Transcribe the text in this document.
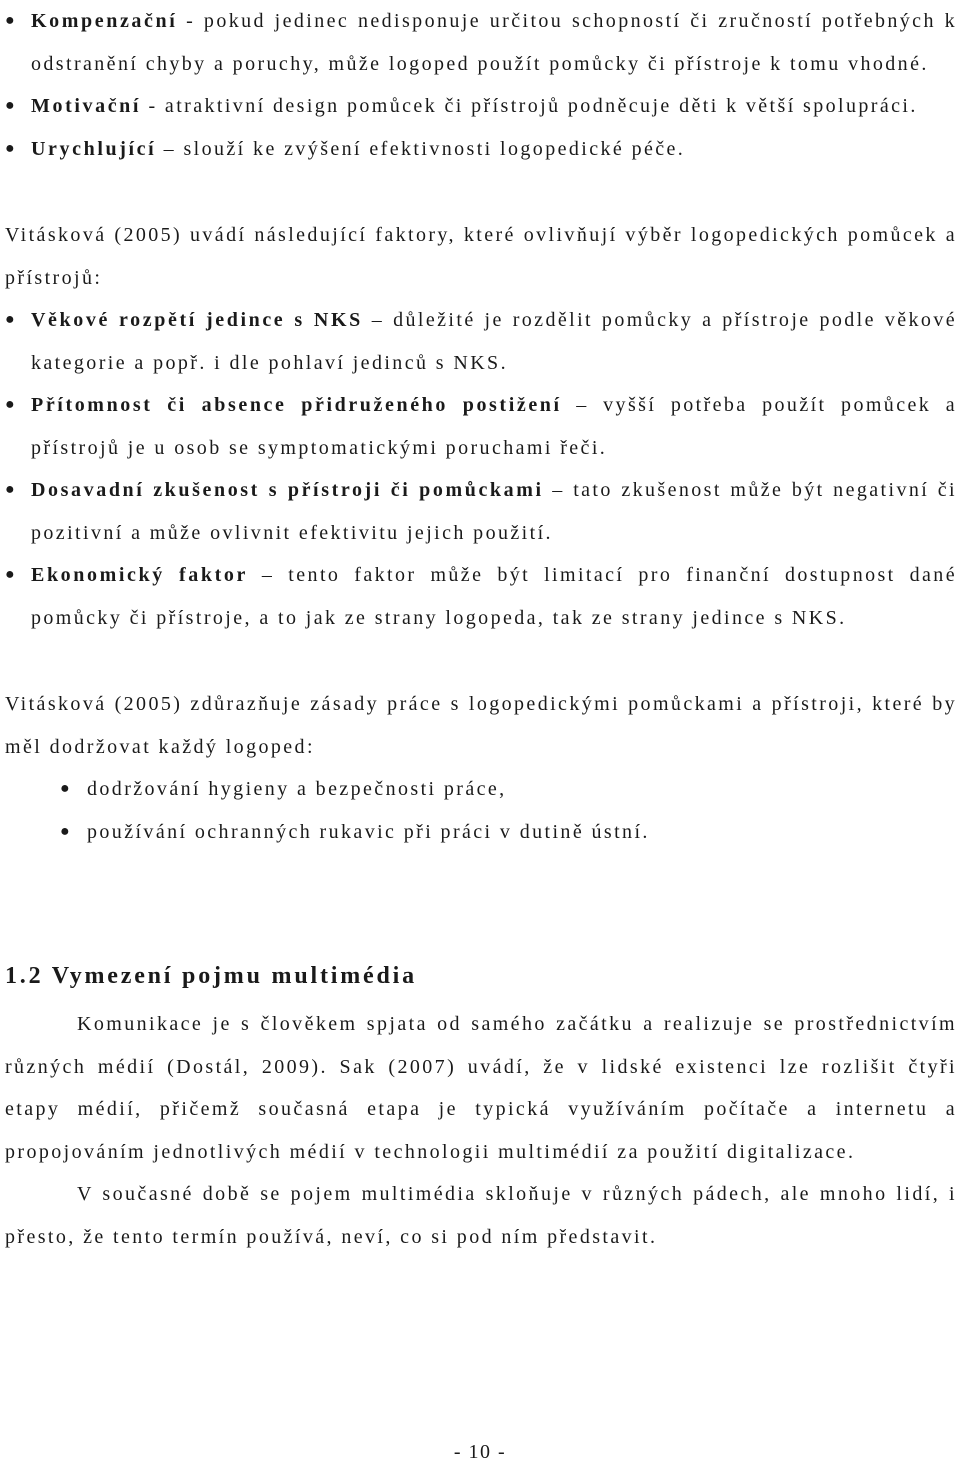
● Kompenzační - pokud jedinec nedisponuje určitou schopností či zručností potřebných k odstranění chyby a poruchy, může logoped použít pomůcky či přístroje k tomu vhodné.
● Motivační - atraktivní design pomůcek či přístrojů podněcuje děti k větší spolupráci.
● Urychlující – slouží ke zvýšení efektivnosti logopedické péče.

Vitásková (2005) uvádí následující faktory, které ovlivňují výběr logopedických pomůcek a přístrojů:

● Věkové rozpětí jedince s NKS – důležité je rozdělit pomůcky a přístroje podle věkové kategorie a popř. i dle pohlaví jedinců s NKS.
● Přítomnost či absence přidruženého postižení – vyšší potřeba použít pomůcek a přístrojů je u osob se symptomatickými poruchami řeči.
● Dosavadní zkušenost s přístroji či pomůckami – tato zkušenost může být negativní či pozitivní a může ovlivnit efektivitu jejich použití.
● Ekonomický faktor – tento faktor může být limitací pro finanční dostupnost dané pomůcky či přístroje, a to jak ze strany logopeda, tak ze strany jedince s NKS.

Vitásková (2005) zdůrazňuje zásady práce s logopedickými pomůckami a přístroji, které by měl dodržovat každý logoped:

● dodržování hygieny a bezpečnosti práce,
● používání ochranných rukavic při práci v dutině ústní.
1.2 Vymezení pojmu multimédia

Komunikace je s člověkem spjata od samého začátku a realizuje se prostřednictvím různých médií (Dostál, 2009). Sak (2007) uvádí, že v lidské existenci lze rozlišit čtyři etapy médií, přičemž současná etapa je typická využíváním počítače a internetu a propojováním jednotlivých médií v technologii multimédií za použití digitalizace.

V současné době se pojem multimédia skloňuje v různých pádech, ale mnoho lidí, i přesto, že tento termín používá, neví, co si pod ním představit.

- 10 -
